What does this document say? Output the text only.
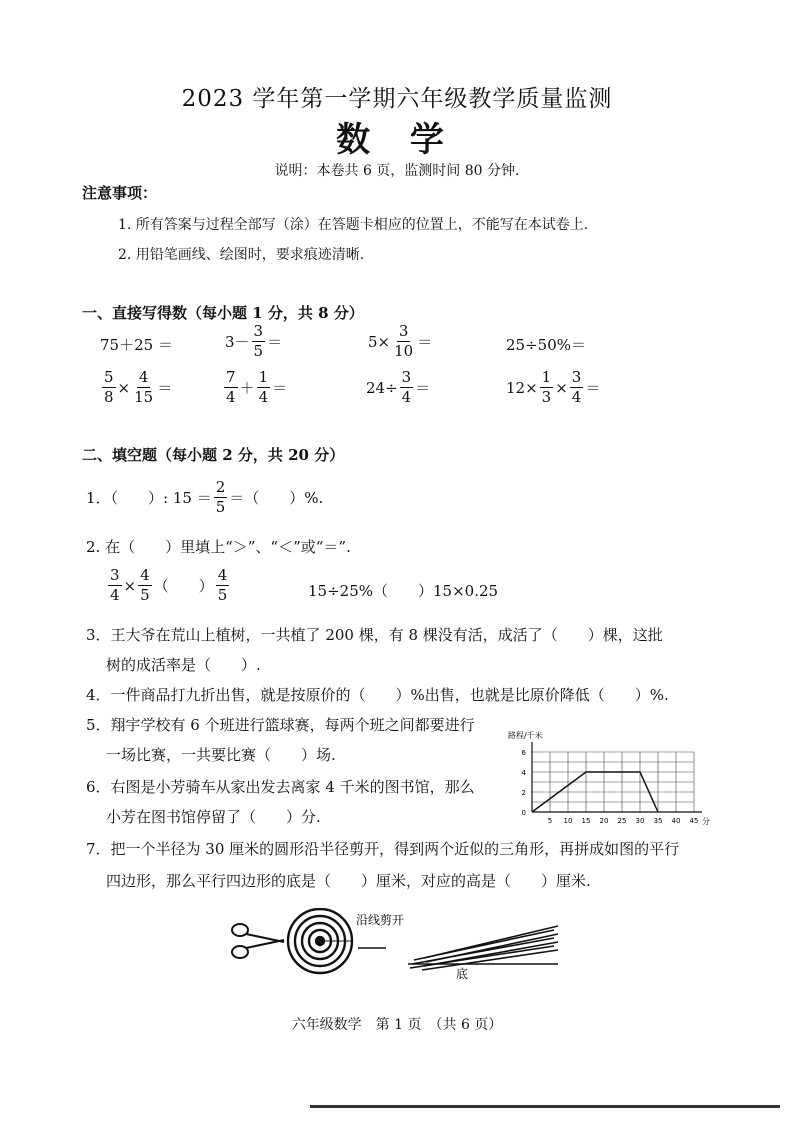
2023 学年第一学期六年级教学质量监测
数 学
说明：本卷共 6 页，监测时间 80 分钟.
注意事项：
1. 所有答案与过程全部写（涂）在答题卡相应的位置上，不能写在本试卷上.
2. 用铅笔画线、绘图时，要求痕迹清晰.
一、直接写得数（每小题 1 分，共 8 分）
75＋25 ＝	$3- \frac{3}{5}$ ＝	$5\times \frac{3}{10}$ ＝	25÷50%＝
$\frac{5}{8} \times \frac{4}{15}$ ＝	$\frac{7}{4} + \frac{1}{4}$ ＝	$24\div \frac{3}{4}$ ＝	$12\times \frac{1}{3} \times \frac{3}{4}$ ＝
二、填空题（每小题 2 分，共 20 分）
1．（　　）: $15 = \frac{2}{5}$ ＝（　　）%.
2. 在（　　）里填上“＞”、“＜”或“＝”.
$\frac{3}{4} \times \frac{4}{5}$ （　　） $\frac{4}{5}$	15÷25%（　　）15×0.25
3．王大爷在荒山上植树，一共植了 200 棵，有 8 棵没有活，成活了（　　）棵，这批
树的成活率是（　　）.
4．一件商品打九折出售，就是按原价的（　　）%出售，也就是比原价降低（　　）%.
5．翔宇学校有 6 个班进行篮球赛，每两个班之间都要进行
一场比赛，一共要比赛（　　）场.
6．右图是小芳骑车从家出发去离家 4 千米的图书馆，那么
小芳在图书馆停留了（　　）分.
路程/千米
5 10 15 20 25 30 35 40 45
0
2
4
6
分
7．把一个半径为 30 厘米的圆形沿半径剪开，得到两个近似的三角形，再拼成如图的平行
四边形，那么平行四边形的底是（　　）厘米，对应的高是（　　）厘米.
沿线剪开
底
六年级数学　第 1 页　（共 6 页）
